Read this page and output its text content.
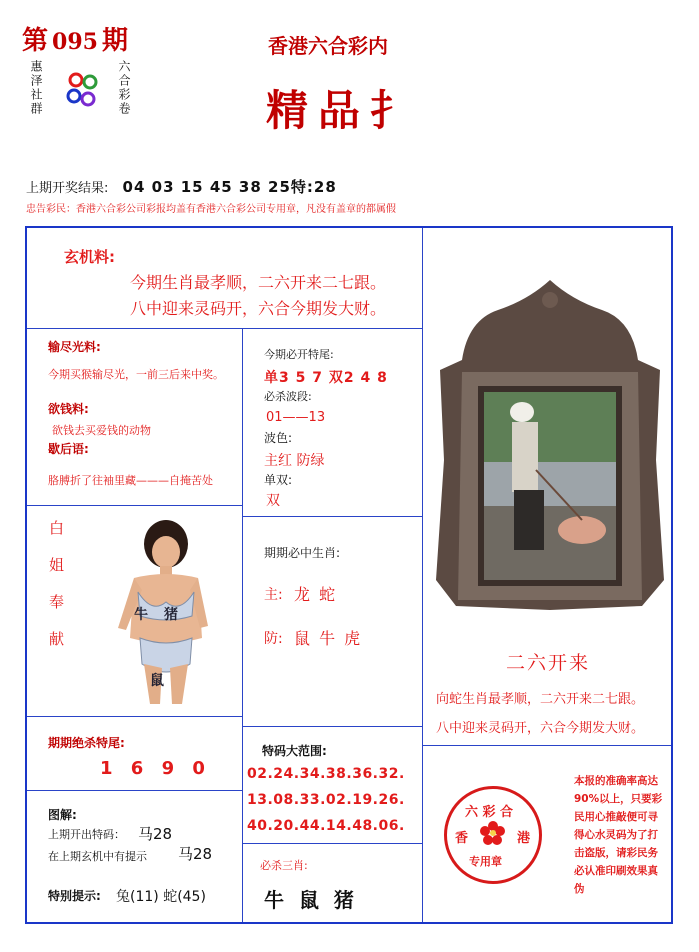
第 095 期
惠泽社群	六合彩卷
香港六合彩内
精品扌
上期开奖结果: 04 03 15 45 38 25特:28
忠告彩民：香港六合彩公司彩报均盖有香港六合彩公司专用章，凡没有盖章的都属假
玄机料:
今期生肖最孝顺，二六开来二七跟。
八中迎来灵码开，六合今期发大财。
输尽光料:
今期买猴输尽光，一前三后来中奖。
欲钱料:
欲钱去买爱钱的动物
歇后语:
胳膊折了往袖里藏———自掩苦处
今期必开特尾:
单3 5 7 双2 4 8
必杀波段:
01——13
波色:
主红 防绿
单双:
双
白姐奉献	牛 猪
鼠
期期必中生肖:
主: 龙 蛇
防: 鼠 牛 虎
二六开来
向蛇生肖最孝顺，二六开来二七跟。
八中迎来灵码开，六合今期发大财。
期期绝杀特尾:
1 6 9 0
特码大范围:
02.24.34.38.36.32.
13.08.33.02.19.26.
40.20.44.14.48.06.
图解:
上期开出特码： 马28
在上期玄机中有提示 马28
特别提示: 兔(11) 蛇(45)
必杀三肖:
牛 鼠 猪
六 彩 合
香	港
专用章
本报的准确率高达90%以上，只要彩民用心推敲便可寻得心水灵码为了打击盗版，请彩民务必认准印刷效果真伪
